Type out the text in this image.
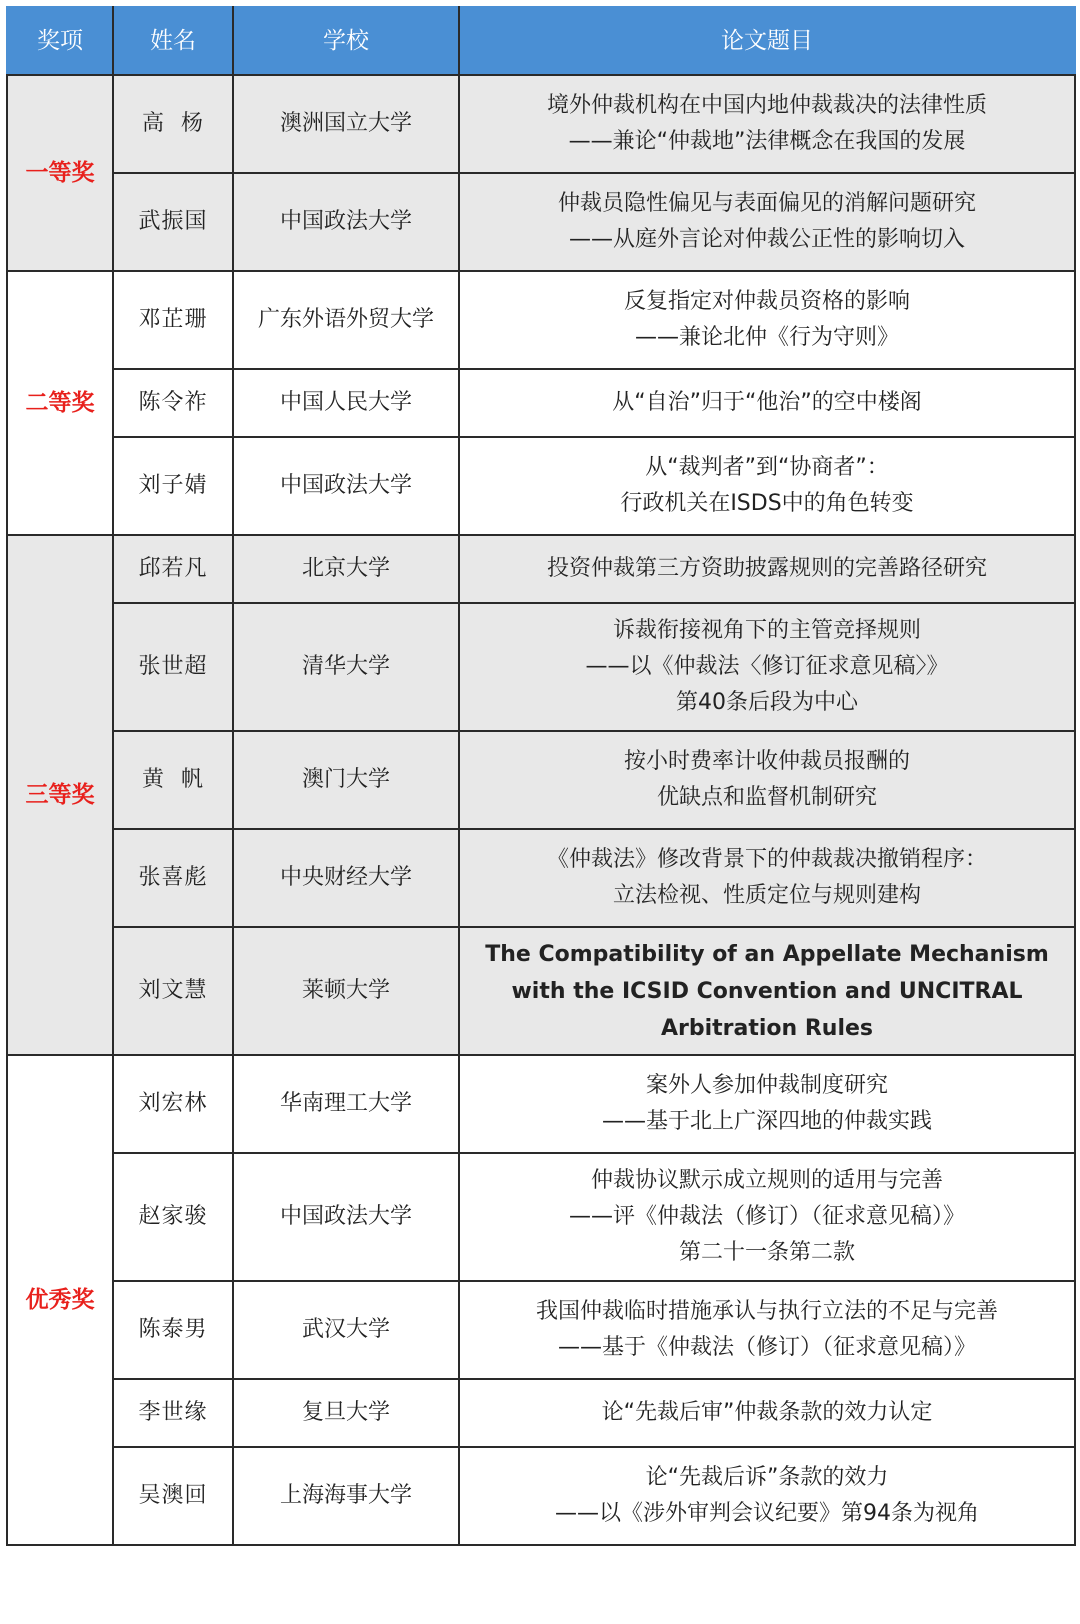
奖项	姓名	学校	论文题目
一等奖	高  杨	澳洲国立大学	境外仲裁机构在中国内地仲裁裁决的法律性质
——兼论“仲裁地”法律概念在我国的发展

	武振国	中国政法大学	仲裁员隐性偏见与表面偏见的消解问题研究
——从庭外言论对仲裁公正性的影响切入

二等奖	邓芷珊	广东外语外贸大学	反复指定对仲裁员资格的影响
——兼论北仲《行为守则》

	陈令祚	中国人民大学	从“自治”归于“他治”的空中楼阁

	刘子婧	中国政法大学	从“裁判者”到“协商者”：
行政机关在ISDS中的角色转变

三等奖	邱若凡	北京大学	投资仲裁第三方资助披露规则的完善路径研究

	张世超	清华大学	诉裁衔接视角下的主管竞择规则
——以《仲裁法〈修订征求意见稿〉》
第40条后段为中心

	黄  帆	澳门大学	按小时费率计收仲裁员报酬的
优缺点和监督机制研究

	张喜彪	中央财经大学	《仲裁法》修改背景下的仲裁裁决撤销程序：
立法检视、性质定位与规则建构

	刘文慧	莱顿大学	The Compatibility of an Appellate Mechanism
with the ICSID Convention and UNCITRAL
Arbitration Rules

优秀奖	刘宏林	华南理工大学	案外人参加仲裁制度研究
——基于北上广深四地的仲裁实践

	赵家骏	中国政法大学	仲裁协议默示成立规则的适用与完善
——评《仲裁法（修订）（征求意见稿）》
第二十一条第二款

	陈泰男	武汉大学	我国仲裁临时措施承认与执行立法的不足与完善
——基于《仲裁法（修订）（征求意见稿）》

	李世缘	复旦大学	论“先裁后审”仲裁条款的效力认定

	吴澳回	上海海事大学	论“先裁后诉”条款的效力
——以《涉外审判会议纪要》第94条为视角
